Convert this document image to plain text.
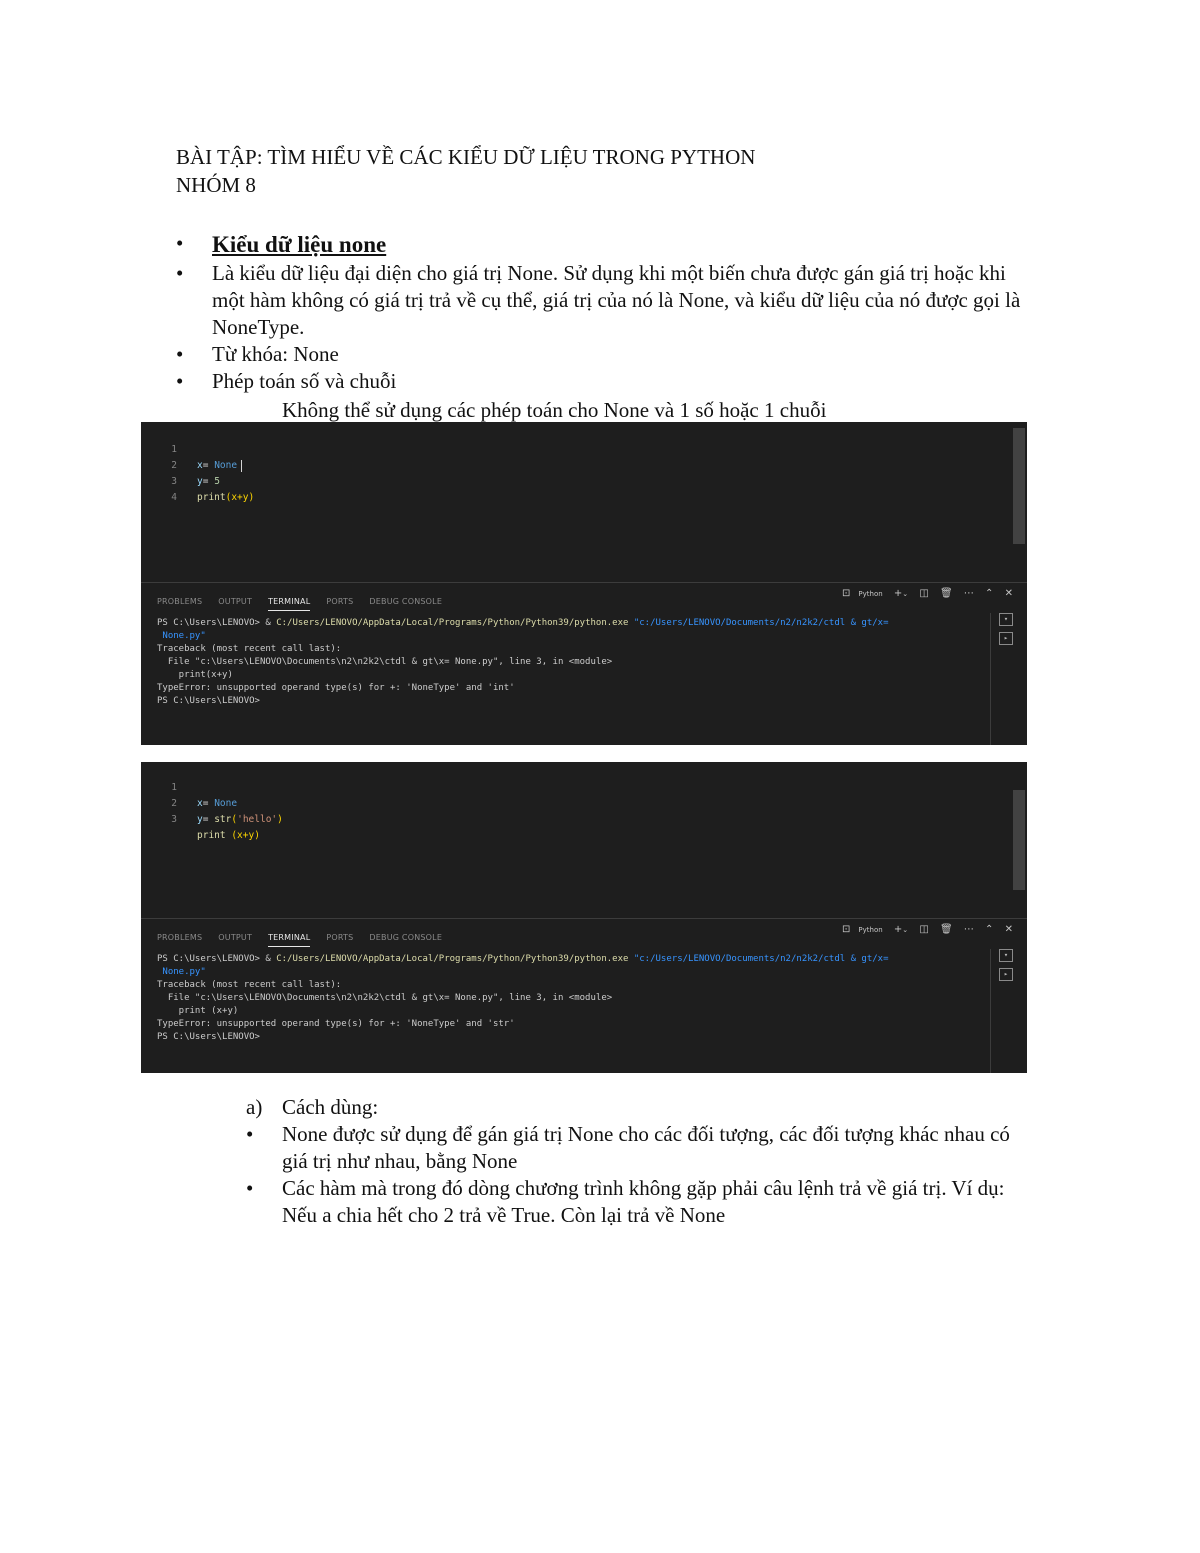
BÀI TẬP: TÌM HIỂU VỀ CÁC KIỂU DỮ LIỆU TRONG PYTHON
NHÓM 8
• Kiểu dữ liệu none
• Là kiểu dữ liệu đại diện cho giá trị None. Sử dụng khi một biến chưa được gán giá trị hoặc khi một hàm không có giá trị trả về cụ thể, giá trị của nó là None, và kiểu dữ liệu của nó được gọi là NoneType.
• Từ khóa: None
• Phép toán số và chuỗi
Không thể sử dụng các phép toán cho None và 1 số hoặc 1 chuỗi

1

x= None

2

y= 5

3

print(x+y)

4

PROBLEMS OUTPUT TERMINAL PORTS DEBUG CONSOLE
⊡ Python +⌄ ◫ 🗑 ⋯ ⌃ ✕
▾
▸
PS C:\Users\LENOVO> & C:/Users/LENOVO/AppData/Local/Programs/Python/Python39/python.exe "c:/Users/LENOVO/Documents/n2/n2k2/ctdl & gt/x=
None.py"
Traceback (most recent call last):
File "c:\Users\LENOVO\Documents\n2\n2k2\ctdl & gt\x= None.py", line 3, in <module>
print(x+y)
TypeError: unsupported operand type(s) for +: 'NoneType' and 'int'
PS C:\Users\LENOVO>

1

x= None

2

y= str('hello')

3

print (x+y)

PROBLEMS OUTPUT TERMINAL PORTS DEBUG CONSOLE
⊡ Python +⌄ ◫ 🗑 ⋯ ⌃ ✕
▾
▸
PS C:\Users\LENOVO> & C:/Users/LENOVO/AppData/Local/Programs/Python/Python39/python.exe "c:/Users/LENOVO/Documents/n2/n2k2/ctdl & gt/x=
None.py"
Traceback (most recent call last):
File "c:\Users\LENOVO\Documents\n2\n2k2\ctdl & gt\x= None.py", line 3, in <module>
print (x+y)
TypeError: unsupported operand type(s) for +: 'NoneType' and 'str'
PS C:\Users\LENOVO>
a) Cách dùng:
• None được sử dụng để gán giá trị None cho các đối tượng, các đối tượng khác nhau có giá trị như nhau, bằng None
• Các hàm mà trong đó dòng chương trình không gặp phải câu lệnh trả về giá trị. Ví dụ: Nếu a chia hết cho 2 trả về True. Còn lại trả về None
